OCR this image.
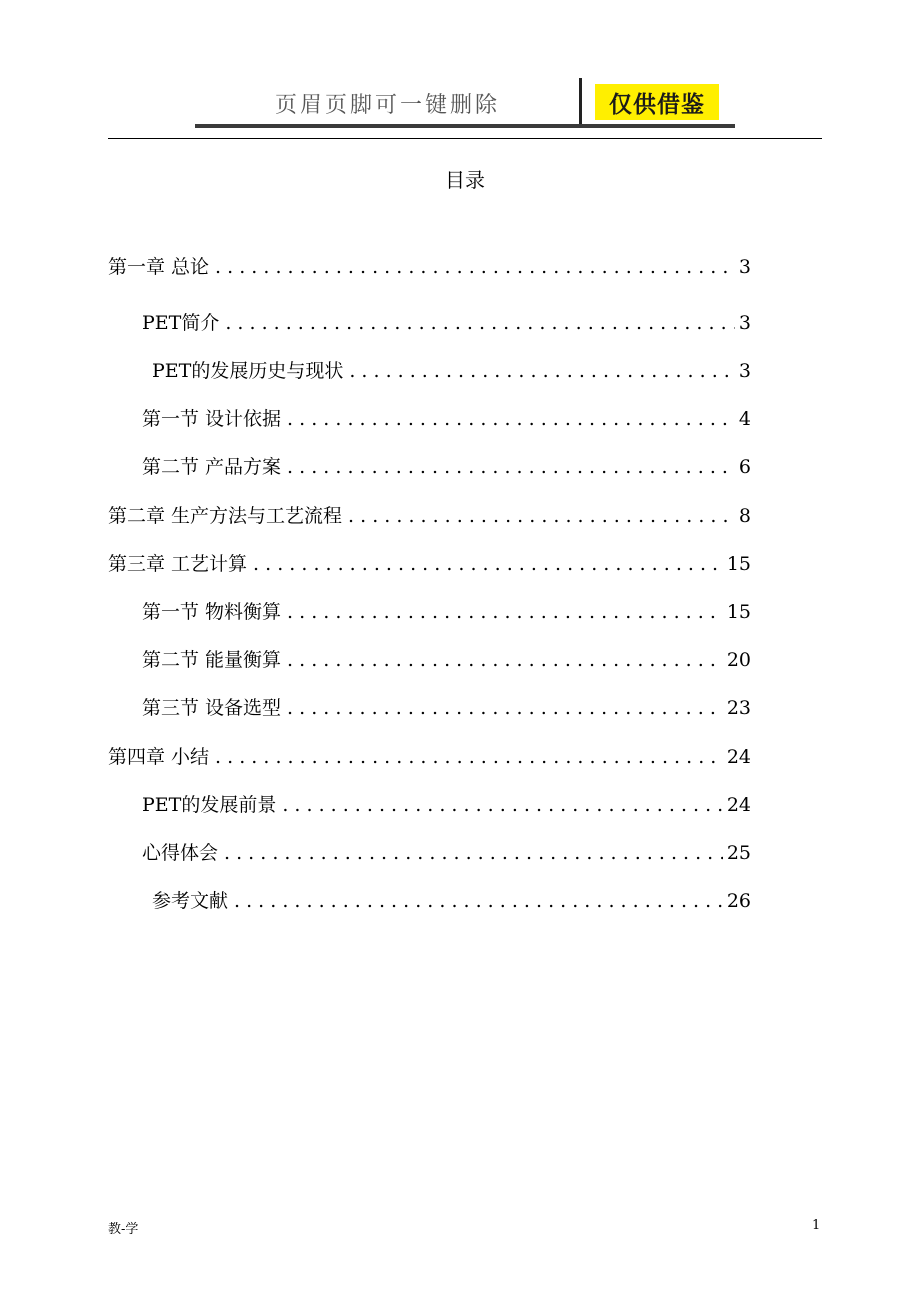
页眉页脚可一键删除	仅供借鉴
目录
第一章 总论 . . .	3
PET简介 . . .	3
PET的发展历史与现状 . . .	3
第一节 设计依据 . . .	4
第二节 产品方案 . . .	6
第二章 生产方法与工艺流程 . . .	8
第三章 工艺计算 . . .	15
第一节 物料衡算 . . .	15
第二节 能量衡算 . . .	20
第三节 设备选型 . . .	23
第四章 小结 . . .	24
PET的发展前景 . . .	24
心得体会 . . .	25
参考文献 . . .	26
教-学	1
